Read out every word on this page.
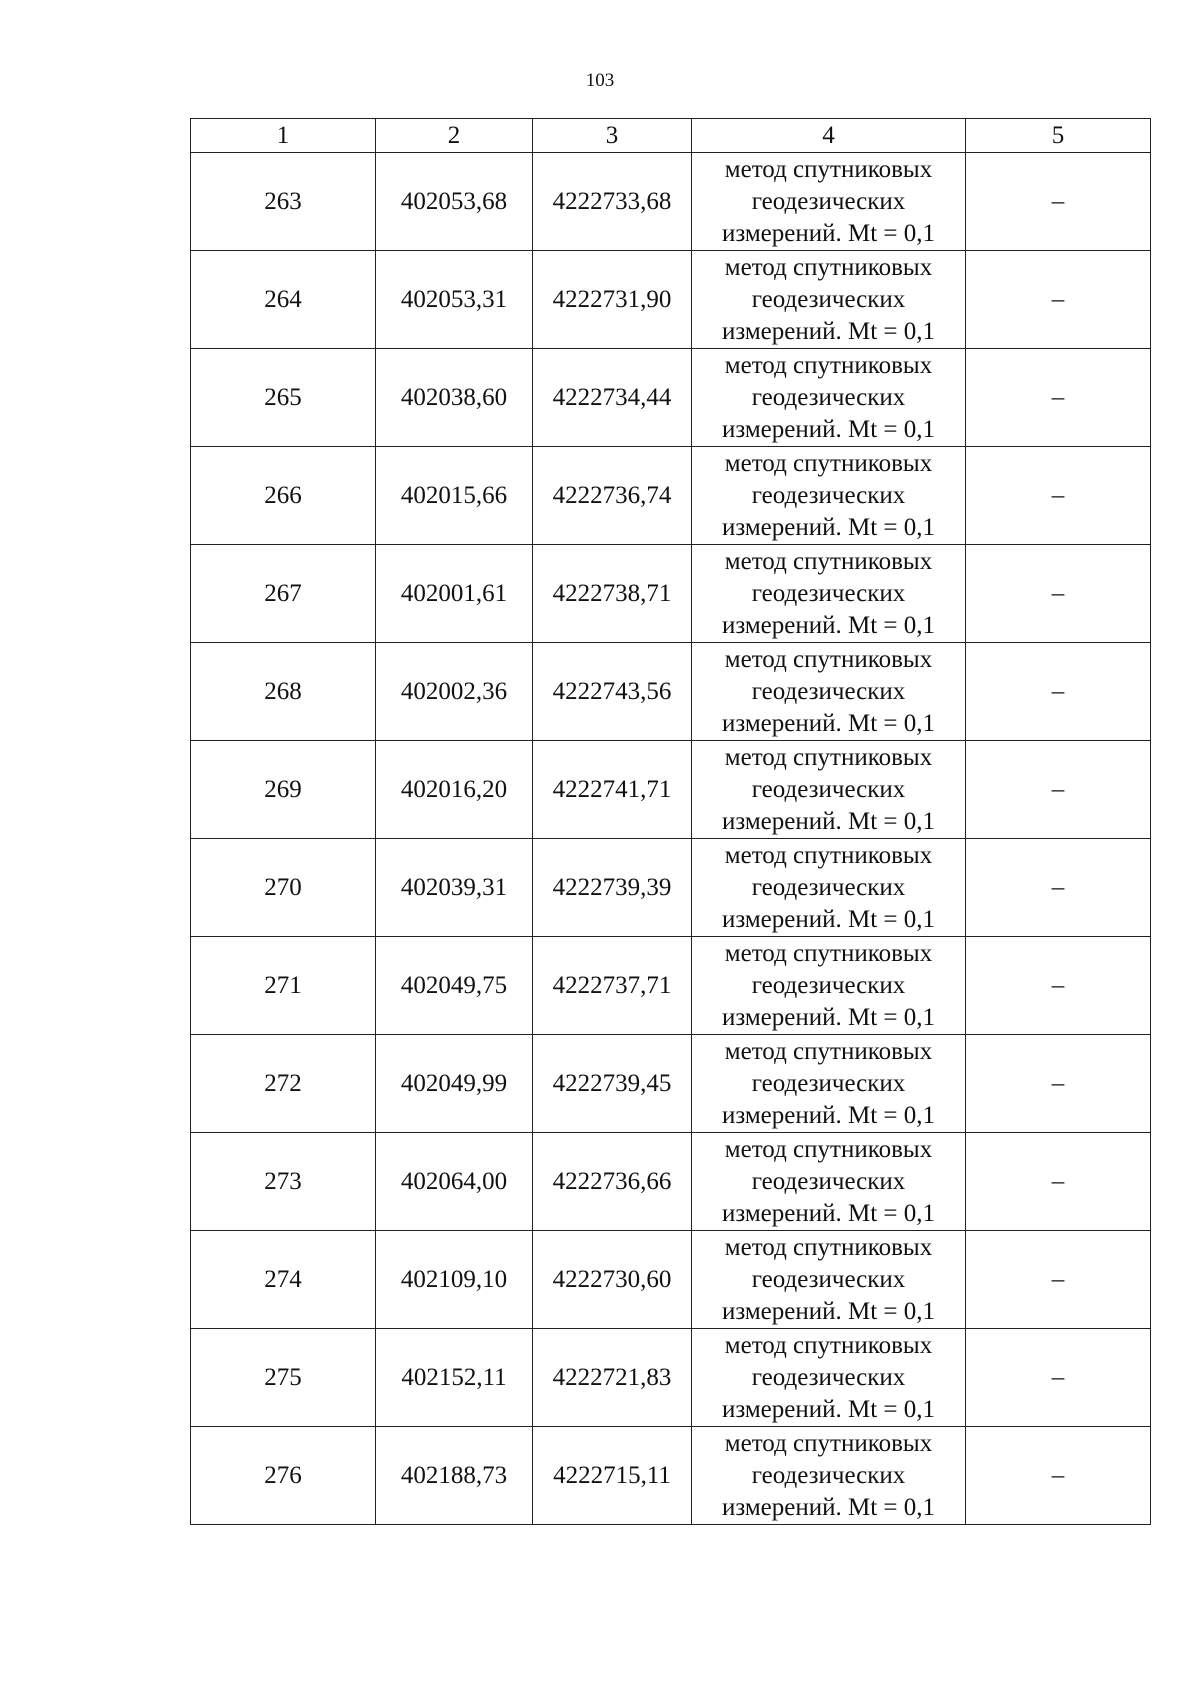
103
1	2	3	4	5
263	402053,68	4222733,68	метод спутниковых
геодезических
измерений. Mt = 0,1	–
264	402053,31	4222731,90	метод спутниковых
геодезических
измерений. Mt = 0,1	–
265	402038,60	4222734,44	метод спутниковых
геодезических
измерений. Mt = 0,1	–
266	402015,66	4222736,74	метод спутниковых
геодезических
измерений. Mt = 0,1	–
267	402001,61	4222738,71	метод спутниковых
геодезических
измерений. Mt = 0,1	–
268	402002,36	4222743,56	метод спутниковых
геодезических
измерений. Mt = 0,1	–
269	402016,20	4222741,71	метод спутниковых
геодезических
измерений. Mt = 0,1	–
270	402039,31	4222739,39	метод спутниковых
геодезических
измерений. Mt = 0,1	–
271	402049,75	4222737,71	метод спутниковых
геодезических
измерений. Mt = 0,1	–
272	402049,99	4222739,45	метод спутниковых
геодезических
измерений. Mt = 0,1	–
273	402064,00	4222736,66	метод спутниковых
геодезических
измерений. Mt = 0,1	–
274	402109,10	4222730,60	метод спутниковых
геодезических
измерений. Mt = 0,1	–
275	402152,11	4222721,83	метод спутниковых
геодезических
измерений. Mt = 0,1	–
276	402188,73	4222715,11	метод спутниковых
геодезических
измерений. Mt = 0,1	–
